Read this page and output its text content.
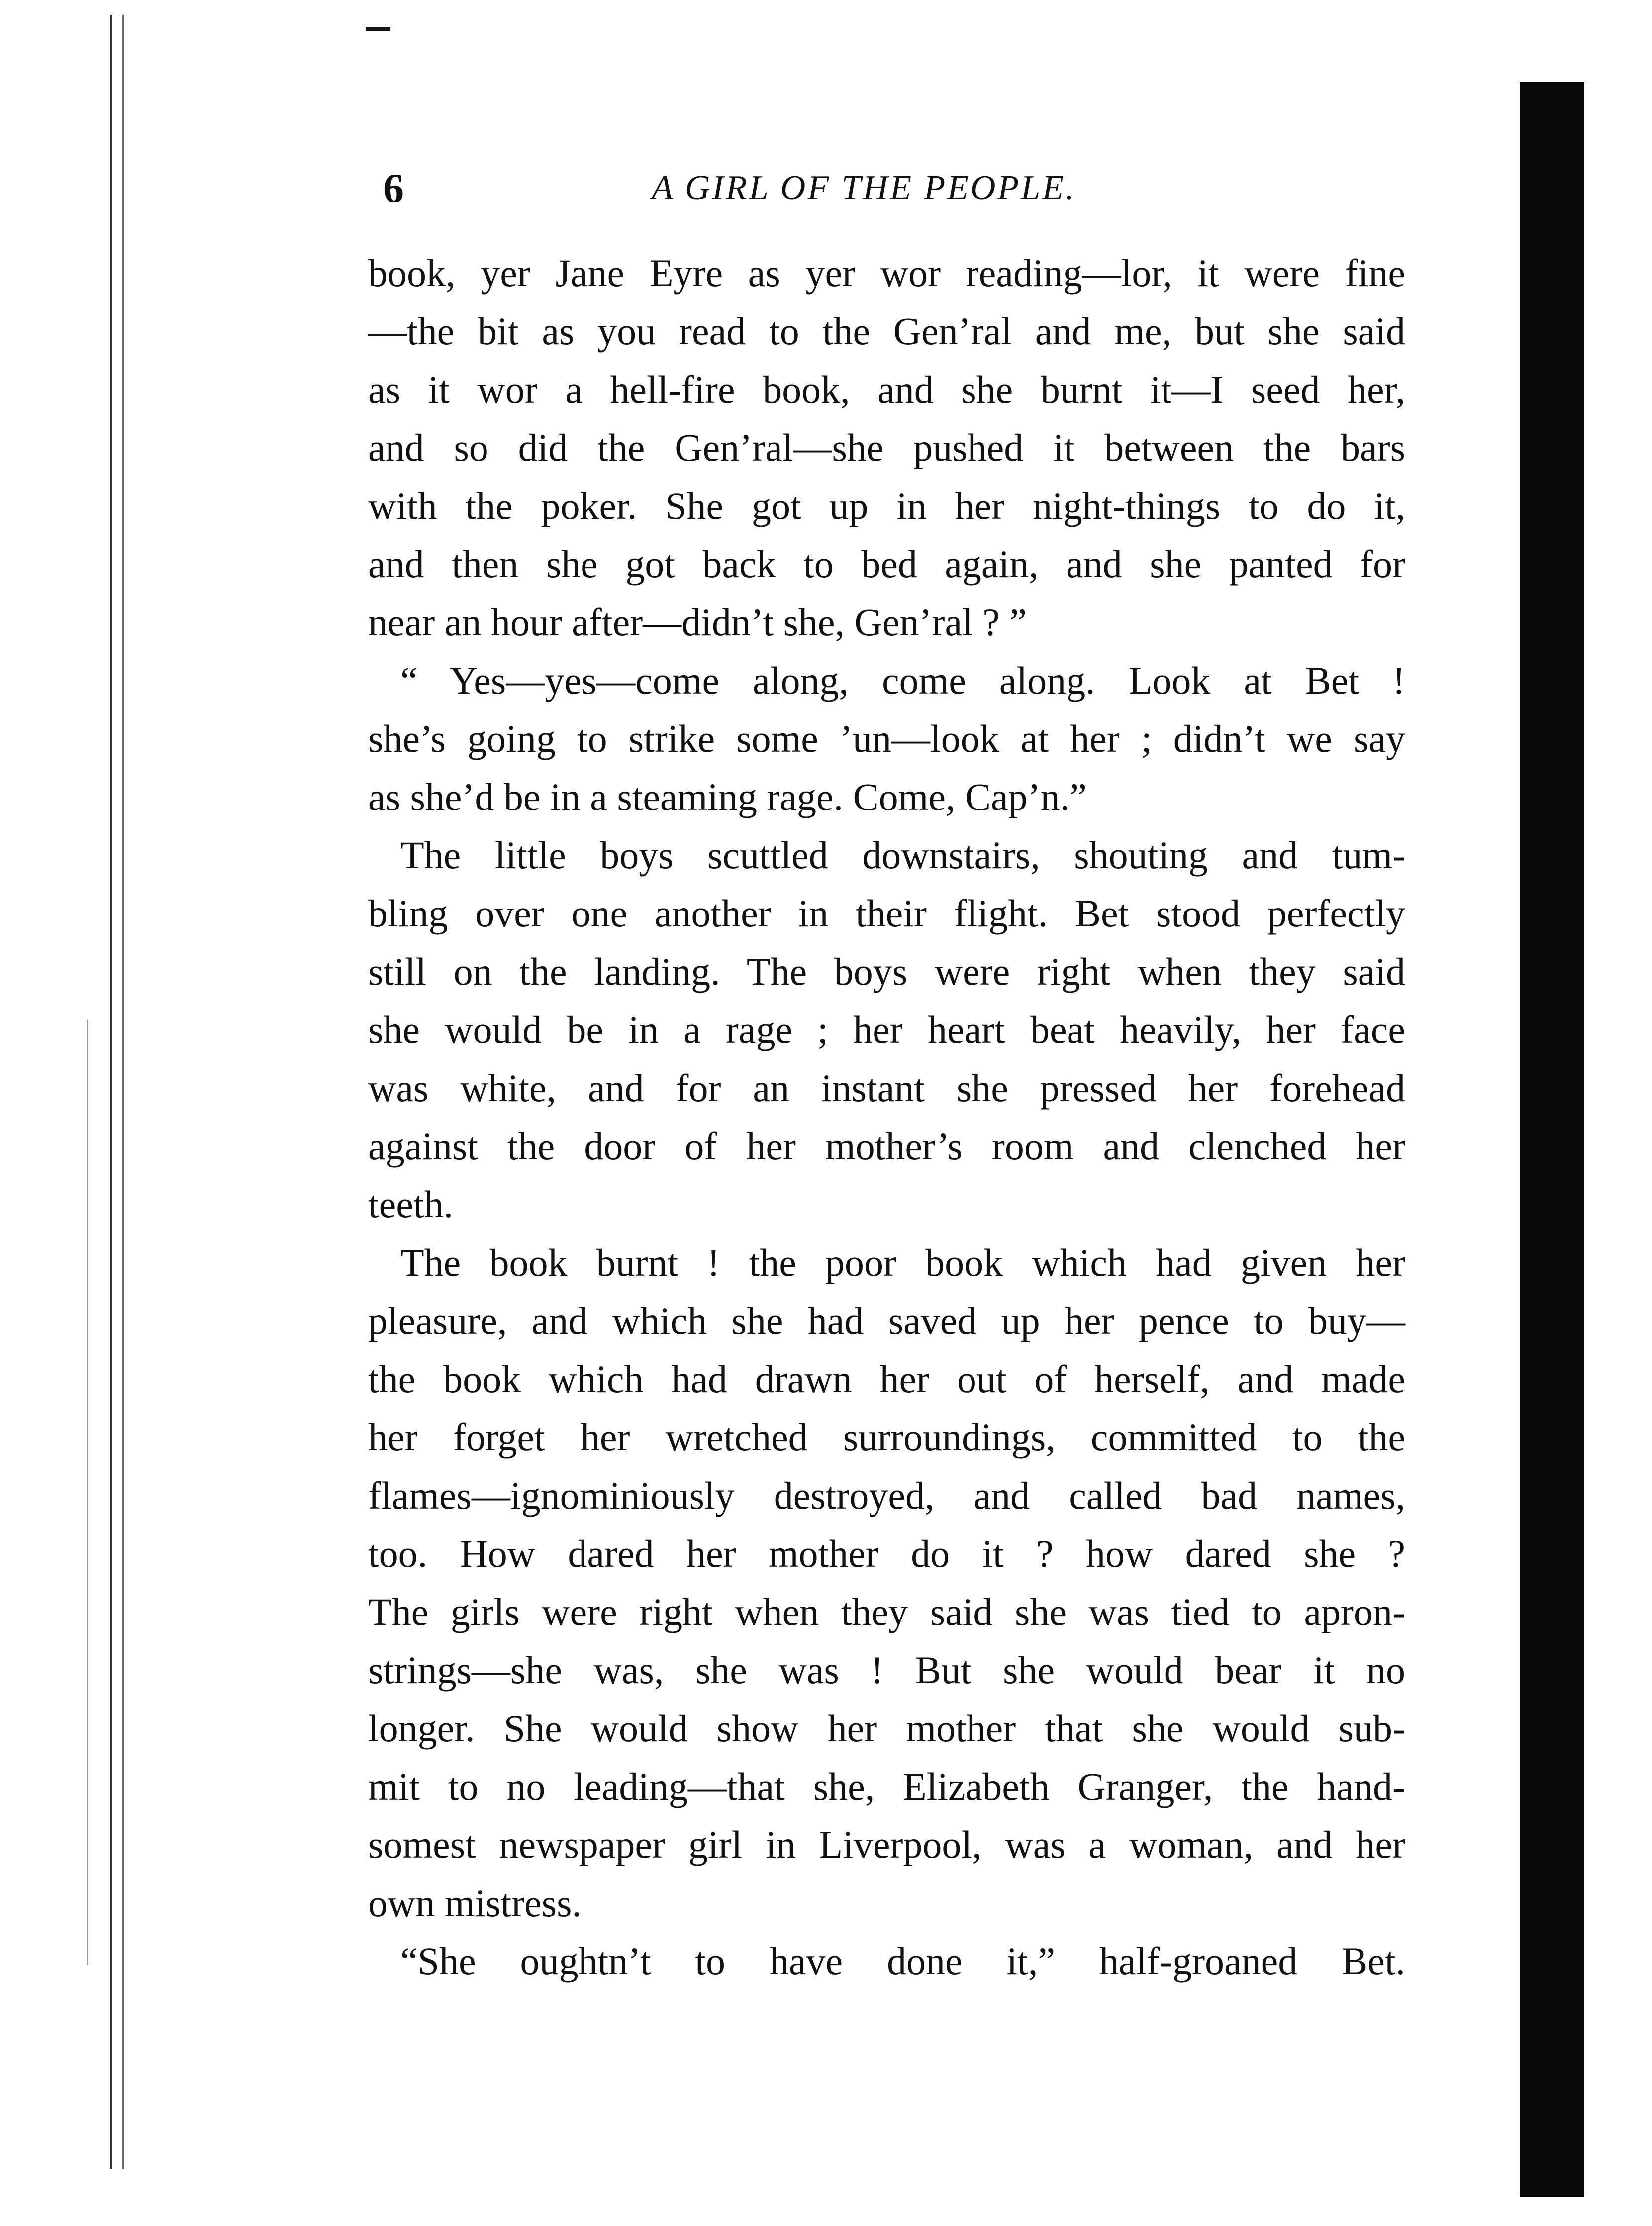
6	A GIRL OF THE PEOPLE.
book, yer Jane Eyre as yer wor reading—lor, it were fine
—the bit as you read to the Gen’ral and me, but she said
as it wor a hell-fire book, and she burnt it—I seed her,
and so did the Gen’ral—she pushed it between the bars
with the poker. She got up in her night-things to do it,
and then she got back to bed again, and she panted for
near an hour after—didn’t she, Gen’ral ? ”
“ Yes—yes—come along, come along. Look at Bet !
she’s going to strike some ’un—look at her ; didn’t we say
as she’d be in a steaming rage. Come, Cap’n.”
The little boys scuttled downstairs, shouting and tum-
bling over one another in their flight. Bet stood perfectly
still on the landing. The boys were right when they said
she would be in a rage ; her heart beat heavily, her face
was white, and for an instant she pressed her forehead
against the door of her mother’s room and clenched her
teeth.
The book burnt ! the poor book which had given her
pleasure, and which she had saved up her pence to buy—
the book which had drawn her out of herself, and made
her forget her wretched surroundings, committed to the
flames—ignominiously destroyed, and called bad names,
too. How dared her mother do it ? how dared she ?
The girls were right when they said she was tied to apron-
strings—she was, she was ! But she would bear it no
longer. She would show her mother that she would sub-
mit to no leading—that she, Elizabeth Granger, the hand-
somest newspaper girl in Liverpool, was a woman, and her
own mistress.
“She oughtn’t to have done it,” half-groaned Bet.
